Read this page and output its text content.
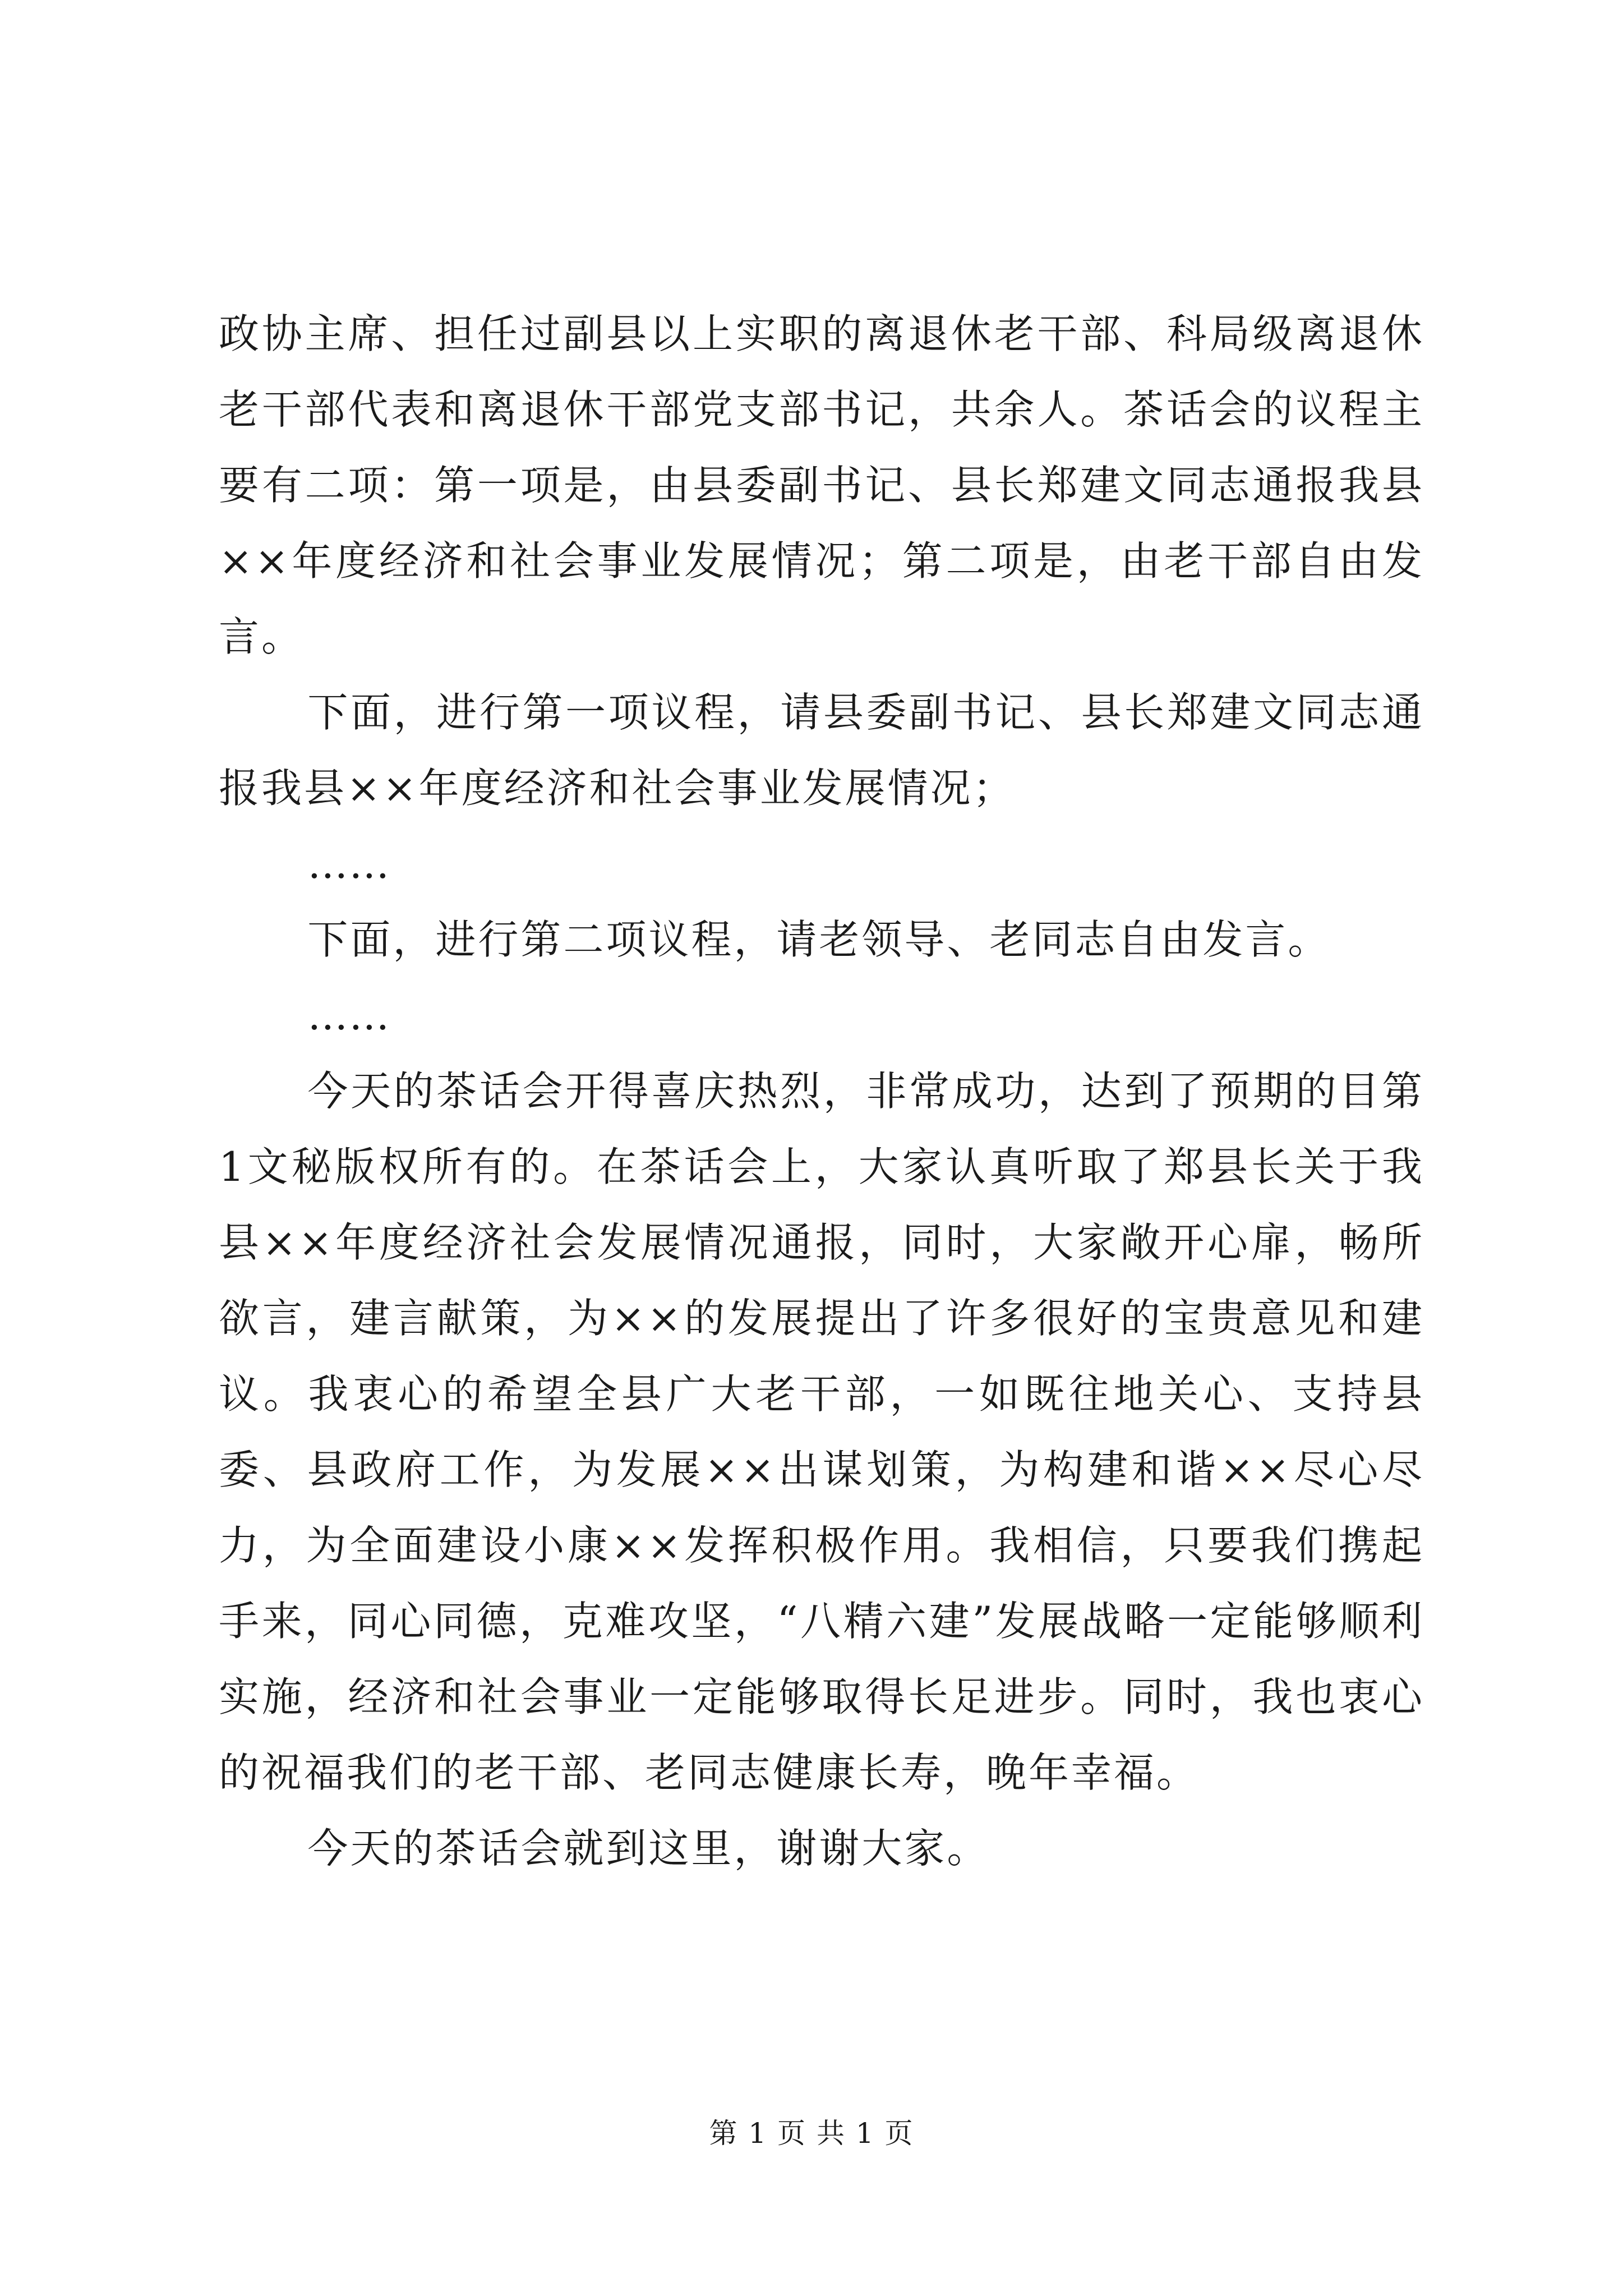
政协主席、担任过副县以上实职的离退休老干部、科局级离退休老干部代表和离退休干部党支部书记，共余人。茶话会的议程主要有二项：第一项是，由县委副书记、县长郑建文同志通报我县××年度经济和社会事业发展情况；第二项是，由老干部自由发言。

下面，进行第一项议程，请县委副书记、县长郑建文同志通报我县××年度经济和社会事业发展情况；

……

下面，进行第二项议程，请老领导、老同志自由发言。

……

今天的茶话会开得喜庆热烈，非常成功，达到了预期的目第1文秘版权所有的。在茶话会上，大家认真听取了郑县长关于我县××年度经济社会发展情况通报，同时，大家敞开心扉，畅所欲言，建言献策，为××的发展提出了许多很好的宝贵意见和建议。我衷心的希望全县广大老干部，一如既往地关心、支持县委、县政府工作，为发展××出谋划策，为构建和谐××尽心尽力，为全面建设小康××发挥积极作用。我相信，只要我们携起手来，同心同德，克难攻坚，“八精六建”发展战略一定能够顺利实施，经济和社会事业一定能够取得长足进步。同时，我也衷心的祝福我们的老干部、老同志健康长寿，晚年幸福。

今天的茶话会就到这里，谢谢大家。

第 1 页 共 1 页
